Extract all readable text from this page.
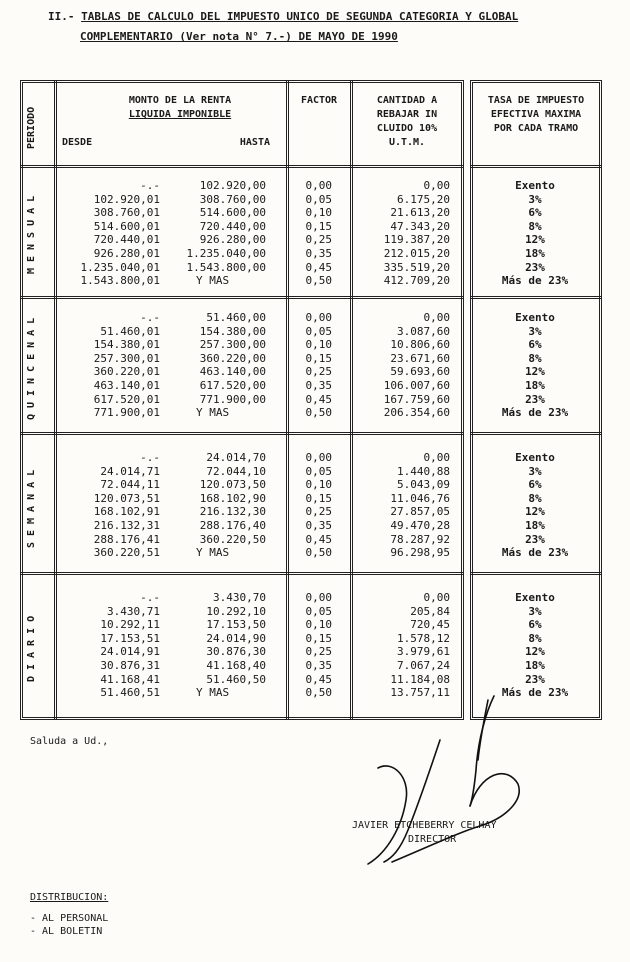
II.- TABLAS DE CALCULO DEL IMPUESTO UNICO DE SEGUNDA CATEGORIA Y GLOBAL
COMPLEMENTARIO (Ver nota N° 7.-) DE MAYO DE 1990
PERIODO
MONTO DE LA RENTA
LIQUIDA IMPONIBLE
DESDE	HASTA
FACTOR	CANTIDAD A
REBAJAR IN
CLUIDO 10%
U.T.M.
TASA DE IMPUESTO
EFECTIVA MAXIMA
POR CADA TRAMO
MENSUAL
-.-	102.920,00	0,00	0,00	Exento
102.920,01	308.760,00	0,05	6.175,20	3%
308.760,01	514.600,00	0,10	21.613,20	6%
514.600,01	720.440,00	0,15	47.343,20	8%
720.440,01	926.280,00	0,25	119.387,20	12%
926.280,01	1.235.040,00	0,35	212.015,20	18%
1.235.040,01	1.543.800,00	0,45	335.519,20	23%
1.543.800,01	Y MAS	0,50	412.709,20	Más de 23%
QUINCENAL	-.-	51.460,00	0,00	0,00	Exento
51.460,01	154.380,00	0,05	3.087,60	3%
154.380,01	257.300,00	0,10	10.806,60	6%
257.300,01	360.220,00	0,15	23.671,60	8%
360.220,01	463.140,00	0,25	59.693,60	12%
463.140,01	617.520,00	0,35	106.007,60	18%
617.520,01	771.900,00	0,45	167.759,60	23%
771.900,01	Y MAS	0,50	206.354,60	Más de 23%
SEMANAL
-.-	24.014,70	0,00	0,00	Exento
24.014,71	72.044,10	0,05	1.440,88	3%
72.044,11	120.073,50	0,10	5.043,09	6%
120.073,51	168.102,90	0,15	11.046,76	8%
168.102,91	216.132,30	0,25	27.857,05	12%
216.132,31	288.176,40	0,35	49.470,28	18%
288.176,41	360.220,50	0,45	78.287,92	23%
360.220,51	Y MAS	0,50	96.298,95	Más de 23%
DIARIO
-.-	3.430,70	0,00	0,00	Exento
3.430,71	10.292,10	0,05	205,84	3%
10.292,11	17.153,50	0,10	720,45	6%
17.153,51	24.014,90	0,15	1.578,12	8%
24.014,91	30.876,30	0,25	3.979,61	12%
30.876,31	41.168,40	0,35	7.067,24	18%
41.168,41	51.460,50	0,45	11.184,08	23%
51.460,51	Y MAS	0,50	13.757,11	Más de 23%
Saluda a Ud.,
JAVIER ETCHEBERRY CELHAY
DIRECTOR
DISTRIBUCION:
- AL PERSONAL
- AL BOLETIN
